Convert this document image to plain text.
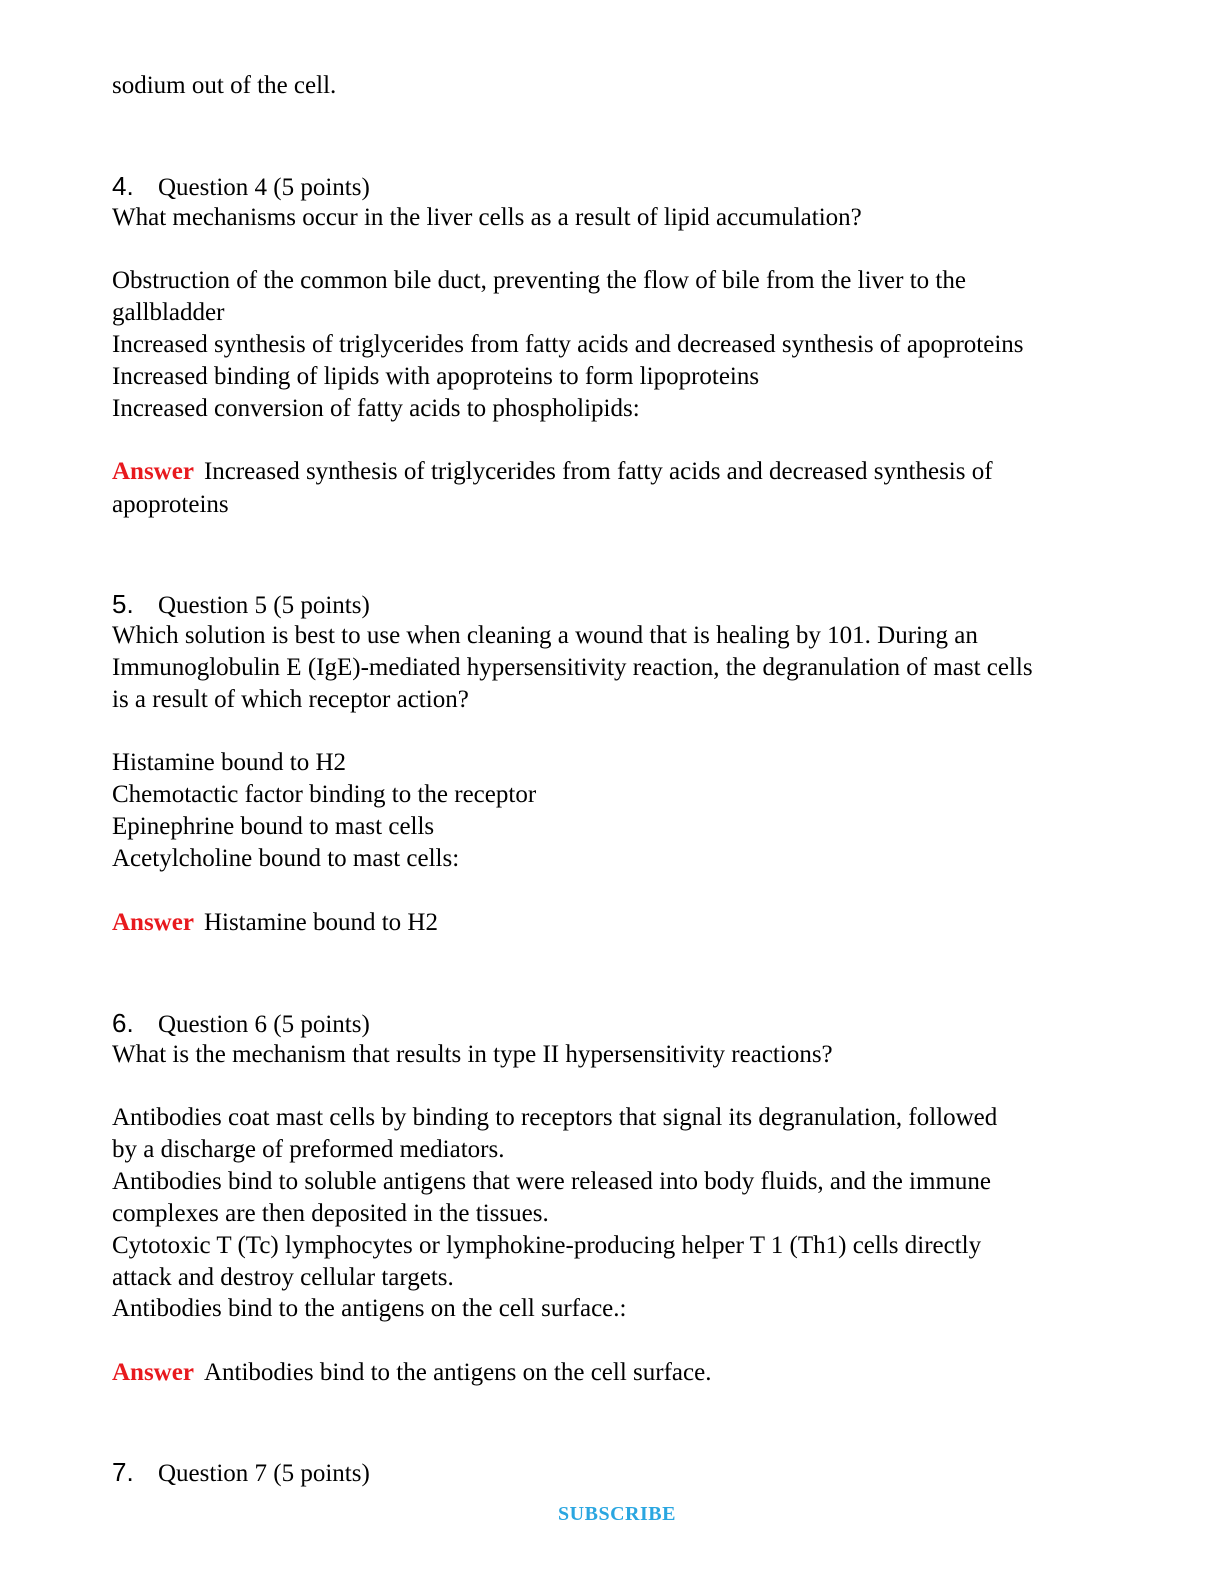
sodium out of the cell.
4. Question 4 (5 points)
What mechanisms occur in the liver cells as a result of lipid accumulation?
Obstruction of the common bile duct, preventing the flow of bile from the liver to the
gallbladder
Increased synthesis of triglycerides from fatty acids and decreased synthesis of apoproteins
Increased binding of lipids with apoproteins to form lipoproteins
Increased conversion of fatty acids to phospholipids:
Answer Increased synthesis of triglycerides from fatty acids and decreased synthesis of
apoproteins
5. Question 5 (5 points)
Which solution is best to use when cleaning a wound that is healing by 101. During an
Immunoglobulin E (IgE)-mediated hypersensitivity reaction, the degranulation of mast cells
is a result of which receptor action?
Histamine bound to H2
Chemotactic factor binding to the receptor
Epinephrine bound to mast cells
Acetylcholine bound to mast cells:
Answer Histamine bound to H2
6. Question 6 (5 points)
What is the mechanism that results in type II hypersensitivity reactions?
Antibodies coat mast cells by binding to receptors that signal its degranulation, followed
by a discharge of preformed mediators.
Antibodies bind to soluble antigens that were released into body fluids, and the immune
complexes are then deposited in the tissues.
Cytotoxic T (Tc) lymphocytes or lymphokine-producing helper T 1 (Th1) cells directly
attack and destroy cellular targets.
Antibodies bind to the antigens on the cell surface.:
Answer Antibodies bind to the antigens on the cell surface.
7. Question 7 (5 points)
SUBSCRIBE
